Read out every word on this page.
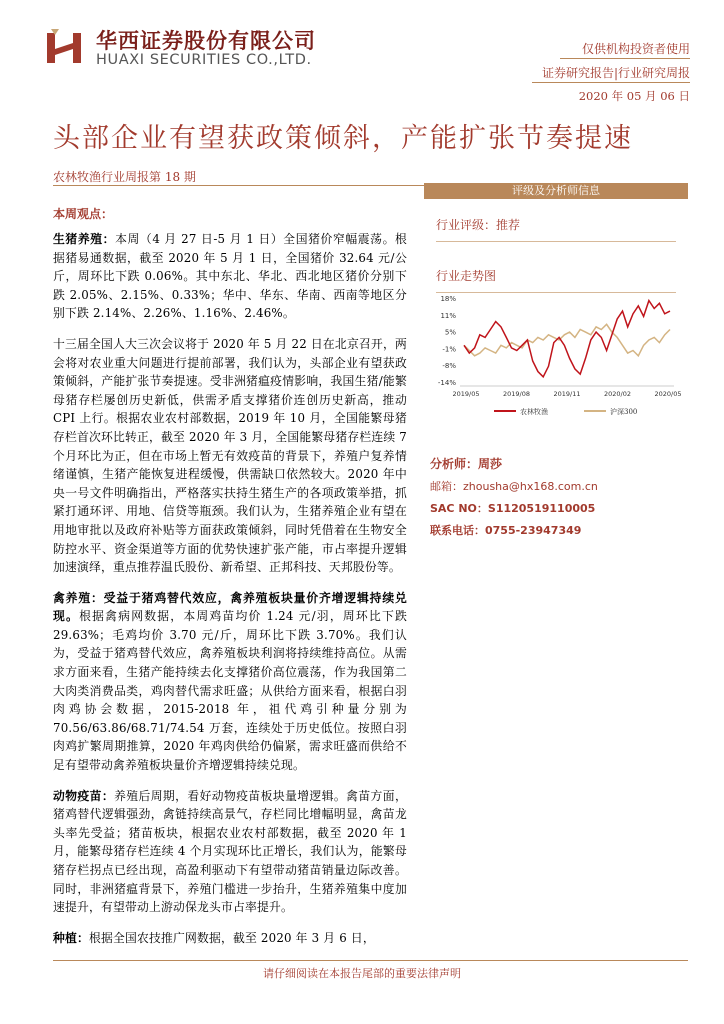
华西证券股份有限公司
HUAXI SECURITIES CO.,LTD.
仅供机构投资者使用
证券研究报告|行业研究周报
2020 年 05 月 06 日
头部企业有望获政策倾斜，产能扩张节奏提速
农林牧渔行业周报第 18 期
本周观点：

生猪养殖：本周（4 月 27 日-5 月 1 日）全国猪价窄幅震荡。根据猪易通数据，截至 2020 年 5 月 1 日，全国猪价 32.64 元/公斤，周环比下跌 0.06%。其中东北、华北、西北地区猪价分别下跌 2.05%、2.15%、0.33%；华中、华东、华南、西南等地区分别下跌 2.14%、2.26%、1.16%、2.46%。

十三届全国人大三次会议将于 2020 年 5 月 22 日在北京召开，两会将对农业重大问题进行提前部署，我们认为，头部企业有望获政策倾斜，产能扩张节奏提速。受非洲猪瘟疫情影响，我国生猪/能繁母猪存栏屡创历史新低，供需矛盾支撑猪价连创历史新高，推动 CPI 上行。根据农业农村部数据，2019 年 10 月，全国能繁母猪存栏首次环比转正，截至 2020 年 3 月，全国能繁母猪存栏连续 7 个月环比为正，但在市场上暂无有效疫苗的背景下，养殖户复养情绪谨慎，生猪产能恢复进程缓慢，供需缺口依然较大。2020 年中央一号文件明确指出，严格落实扶持生猪生产的各项政策举措，抓紧打通环评、用地、信贷等瓶颈。我们认为，生猪养殖企业有望在用地审批以及政府补贴等方面获政策倾斜，同时凭借着在生物安全防控水平、资金渠道等方面的优势快速扩张产能，市占率提升逻辑加速演绎，重点推荐温氏股份、新希望、正邦科技、天邦股份等。

禽养殖：受益于猪鸡替代效应，禽养殖板块量价齐增逻辑持续兑现。根据禽病网数据，本周鸡苗均价 1.24 元/羽，周环比下跌 29.63%；毛鸡均价 3.70 元/斤，周环比下跌 3.70%。我们认为，受益于猪鸡替代效应，禽养殖板块利润将持续维持高位。从需求方面来看，生猪产能持续去化支撑猪价高位震荡，作为我国第二大肉类消费品类，鸡肉替代需求旺盛；从供给方面来看，根据白羽肉鸡协会数据，2015-2018 年，祖代鸡引种量分别为 70.56/63.86/68.71/74.54 万套，连续处于历史低位。按照白羽肉鸡扩繁周期推算，2020 年鸡肉供给仍偏紧，需求旺盛而供给不足有望带动禽养殖板块量价齐增逻辑持续兑现。

动物疫苗：养殖后周期，看好动物疫苗板块量增逻辑。禽苗方面，猪鸡替代逻辑强劲，禽链持续高景气，存栏同比增幅明显，禽苗龙头率先受益；猪苗板块，根据农业农村部数据，截至 2020 年 1 月，能繁母猪存栏连续 4 个月实现环比正增长，我们认为，能繁母猪存栏拐点已经出现，高盈利驱动下有望带动猪苗销量边际改善。同时，非洲猪瘟背景下，养殖门槛进一步抬升，生猪养殖集中度加速提升，有望带动上游动保龙头市占率提升。

种植：根据全国农技推广网数据，截至 2020 年 3 月 6 日，

评级及分析师信息
行业评级：推荐
行业走势图
18%
11%
5%
-1%
-8%
-14%
2019/05	2019/08	2019/11	2020/02	2020/05
农林牧渔	沪深300
分析师：周莎
邮箱：zhousha@hx168.com.cn
SAC NO：S1120519110005
联系电话：0755-23947349
请仔细阅读在本报告尾部的重要法律声明
